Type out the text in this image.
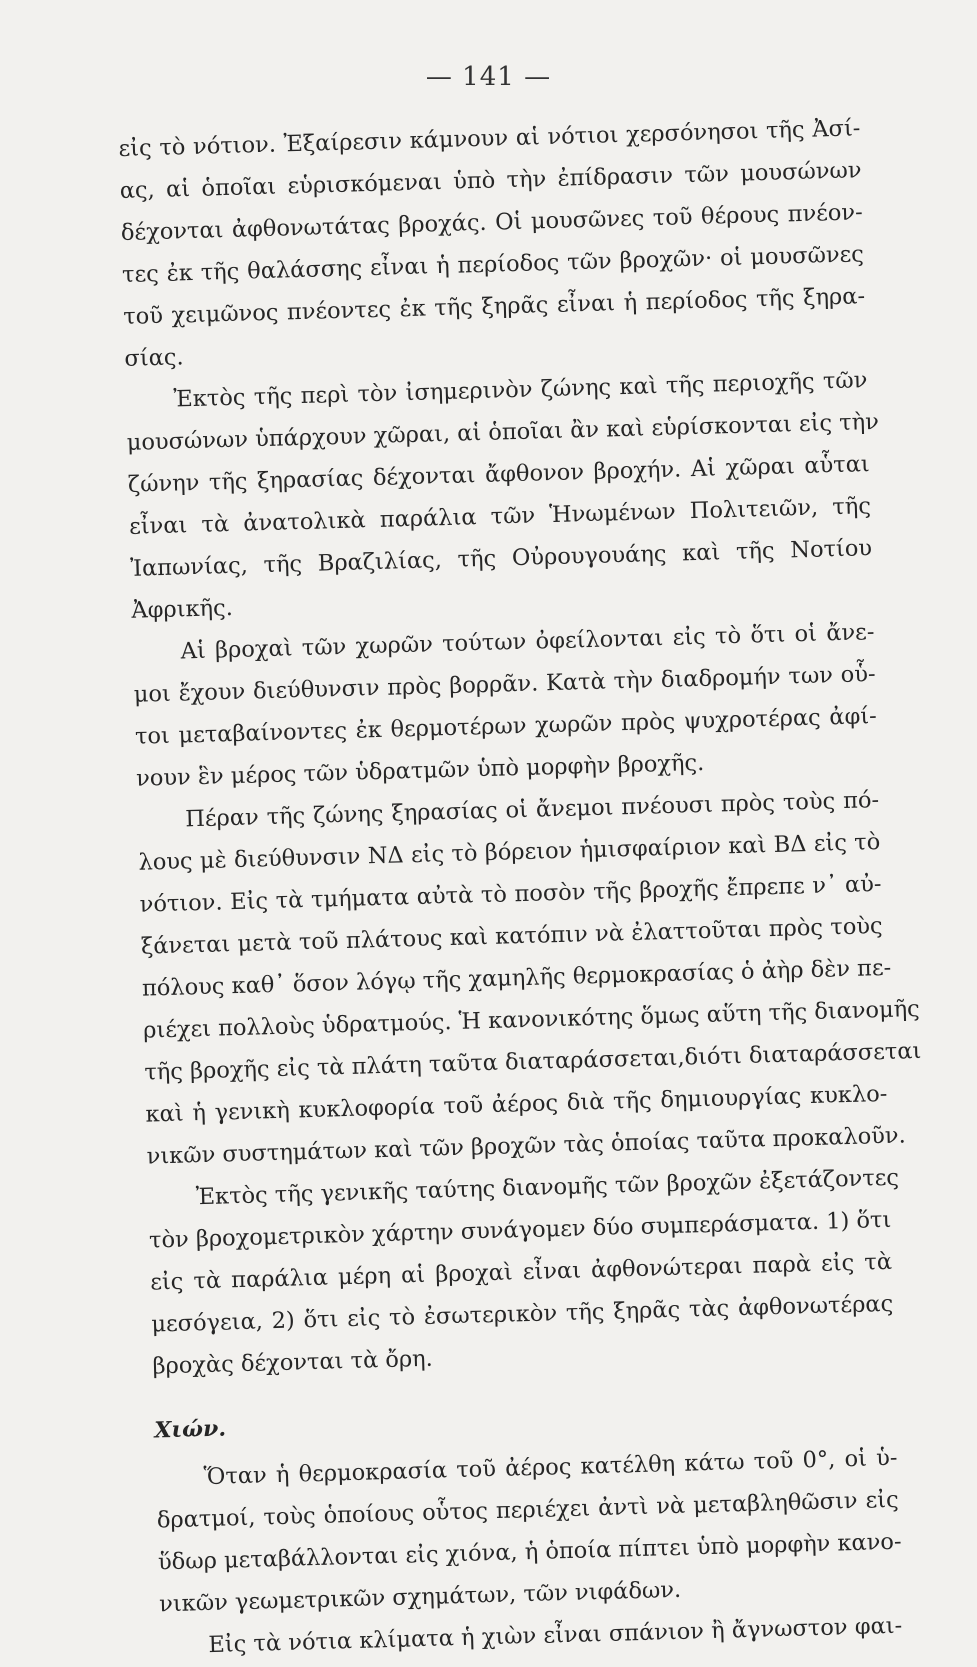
— 141 —
εἰς τὸ νότιον. Ἐξαίρεσιν κάμνουν αἱ νότιοι χερσόνησοι τῆς Ἀσί-
ας, αἱ ὁποῖαι εὑρισκόμεναι ὑπὸ τὴν ἐπίδρασιν τῶν μουσώνων
δέχονται ἀφθονωτάτας βροχάς. Οἱ μουσῶνες τοῦ θέρους πνέον-
τες ἐκ τῆς θαλάσσης εἶναι ἡ περίοδος τῶν βροχῶν· οἱ μουσῶνες
τοῦ χειμῶνος πνέοντες ἐκ τῆς ξηρᾶς εἶναι ἡ περίοδος τῆς ξηρα-
σίας.
Ἐκτὸς τῆς περὶ τὸν ἰσημερινὸν ζώνης καὶ τῆς περιοχῆς τῶν
μουσώνων ὑπάρχουν χῶραι, αἱ ὁποῖαι ἂν καὶ εὑρίσκονται εἰς τὴν
ζώνην τῆς ξηρασίας δέχονται ἄφθονον βροχήν. Αἱ χῶραι αὗται
εἶναι τὰ ἀνατολικὰ παράλια τῶν Ἡνωμένων Πολιτειῶν, τῆς
Ἰαπωνίας, τῆς Βραζιλίας, τῆς Οὐρουγουάης καὶ τῆς Νοτίου
Ἀφρικῆς.
Αἱ βροχαὶ τῶν χωρῶν τούτων ὀφείλονται εἰς τὸ ὅτι οἱ ἄνε-
μοι ἔχουν διεύθυνσιν πρὸς βορρᾶν. Κατὰ τὴν διαδρομήν των οὗ-
τοι μεταβαίνοντες ἐκ θερμοτέρων χωρῶν πρὸς ψυχροτέρας ἀφί-
νουν ἓν μέρος τῶν ὑδρατμῶν ὑπὸ μορφὴν βροχῆς.
Πέραν τῆς ζώνης ξηρασίας οἱ ἄνεμοι πνέουσι πρὸς τοὺς πό-
λους μὲ διεύθυνσιν ΝΔ εἰς τὸ βόρειον ἡμισφαίριον καὶ ΒΔ εἰς τὸ
νότιον. Εἰς τὰ τμήματα αὐτὰ τὸ ποσὸν τῆς βροχῆς ἔπρεπε ν᾽ αὐ-
ξάνεται μετὰ τοῦ πλάτους καὶ κατόπιν νὰ ἐλαττοῦται πρὸς τοὺς
πόλους καθ᾽ ὅσον λόγῳ τῆς χαμηλῆς θερμοκρασίας ὁ ἀὴρ δὲν πε-
ριέχει πολλοὺς ὑδρατμούς. Ἡ κανονικότης ὅμως αὕτη τῆς διανομῆς
τῆς βροχῆς εἰς τὰ πλάτη ταῦτα διαταράσσεται,διότι διαταράσσεται
καὶ ἡ γενικὴ κυκλοφορία τοῦ ἀέρος διὰ τῆς δημιουργίας κυκλο-
νικῶν συστημάτων καὶ τῶν βροχῶν τὰς ὁποίας ταῦτα προκαλοῦν.
Ἐκτὸς τῆς γενικῆς ταύτης διανομῆς τῶν βροχῶν ἐξετάζοντες
τὸν βροχομετρικὸν χάρτην συνάγομεν δύο συμπεράσματα. 1) ὅτι
εἰς τὰ παράλια μέρη αἱ βροχαὶ εἶναι ἀφθονώτεραι παρὰ εἰς τὰ
μεσόγεια, 2) ὅτι εἰς τὸ ἐσωτερικὸν τῆς ξηρᾶς τὰς ἀφθονωτέρας
βροχὰς δέχονται τὰ ὄρη.
Χιών.
Ὅταν ἡ θερμοκρασία τοῦ ἀέρος κατέλθη κάτω τοῦ 0°, οἱ ὑ-
δρατμοί, τοὺς ὁποίους οὗτος περιέχει ἀντὶ νὰ μεταβληθῶσιν εἰς
ὕδωρ μεταβάλλονται εἰς χιόνα, ἡ ὁποία πίπτει ὑπὸ μορφὴν κανο-
νικῶν γεωμετρικῶν σχημάτων, τῶν νιφάδων.
Εἰς τὰ νότια κλίματα ἡ χιὼν εἶναι σπάνιον ἢ ἄγνωστον φαι-
